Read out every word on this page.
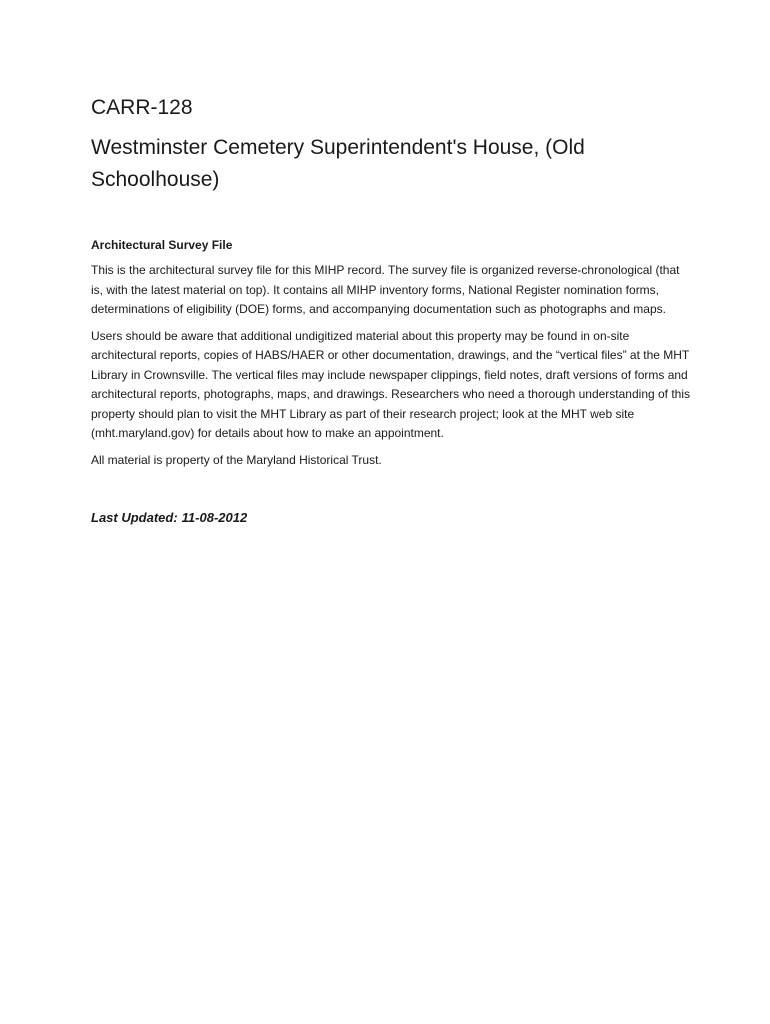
CARR-128
Westminster Cemetery Superintendent's House, (Old Schoolhouse)
Architectural Survey File

This is the architectural survey file for this MIHP record. The survey file is organized reverse-chronological (that is, with the latest material on top). It contains all MIHP inventory forms, National Register nomination forms, determinations of eligibility (DOE) forms, and accompanying documentation such as photographs and maps.

Users should be aware that additional undigitized material about this property may be found in on-site architectural reports, copies of HABS/HAER or other documentation, drawings, and the “vertical files” at the MHT Library in Crownsville. The vertical files may include newspaper clippings, field notes, draft versions of forms and architectural reports, photographs, maps, and drawings. Researchers who need a thorough understanding of this property should plan to visit the MHT Library as part of their research project; look at the MHT web site (mht.maryland.gov) for details about how to make an appointment.

All material is property of the Maryland Historical Trust.

Last Updated: 11-08-2012
